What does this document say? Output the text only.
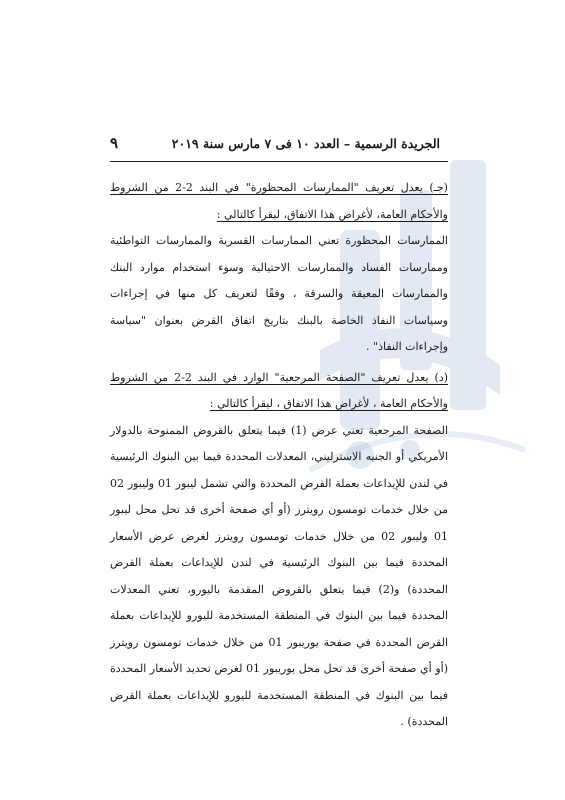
الجريدة الرسمية – العدد ١٠ فى ٧ مارس سنة ٢٠١٩
٩

(جـ) يعدل تعريف "الممارسات المحظورة" في البند 2-2 من الشروط والأحكام العامة، لأغراض هذا الاتفاق، ليقرأ كالتالي :

الممارسات المحظورة تعني الممارسات القسرية والممارسات التواطئية وممارسات الفساد والممارسات الاحتيالية وسوء استخدام موارد البنك والممارسات المعيقة والسرقة ، وفقًا لتعريف كل منها في إجراءات وسياسات النفاذ الخاصة بالبنك بتاريخ اتفاق القرض بعنوان "سياسة وإجراءات النفاذ" .

(د) يعدل تعريف "الصفحة المرجعية" الوارد في البند 2-2 من الشروط والأحكام العامة ، لأغراض هذا الاتفاق ، ليقرأ كالتالي :

الصفحة المرجعية تعني عرض (1) فيما يتعلق بالقروض الممنوحة بالدولار الأمريكي أو الجنيه الاسترليني، المعدلات المحددة فيما بين البنوك الرئيسية في لندن للإيداعات بعملة القرض المحددة والتي تشمل ليبور 01 وليبور 02 من خلال خدمات تومسون رويترز (أو أي صفحة أخرى قد تحل محل ليبور 01 وليبور 02 من خلال خدمات تومسون رويترز لغرض عرض الأسعار المحددة فيما بين البنوك الرئيسية في لندن للإيداعات بعملة القرض المحددة) و(2) فيما يتعلق بالقروض المقدمة باليورو، تعني المعدلات المحددة فيما بين البنوك في المنطقة المستخدمة لليورو للإيداعات بعملة القرض المحددة في صفحة يوريبور 01 من خلال خدمات تومسون رويترز (أو أي صفحة أخرى قد تحل محل يوريبور 01 لغرض تحديد الأسعار المحددة فيما بين البنوك في المنطقة المستخدمة لليورو للإيداعات بعملة القرض المحددة) .
